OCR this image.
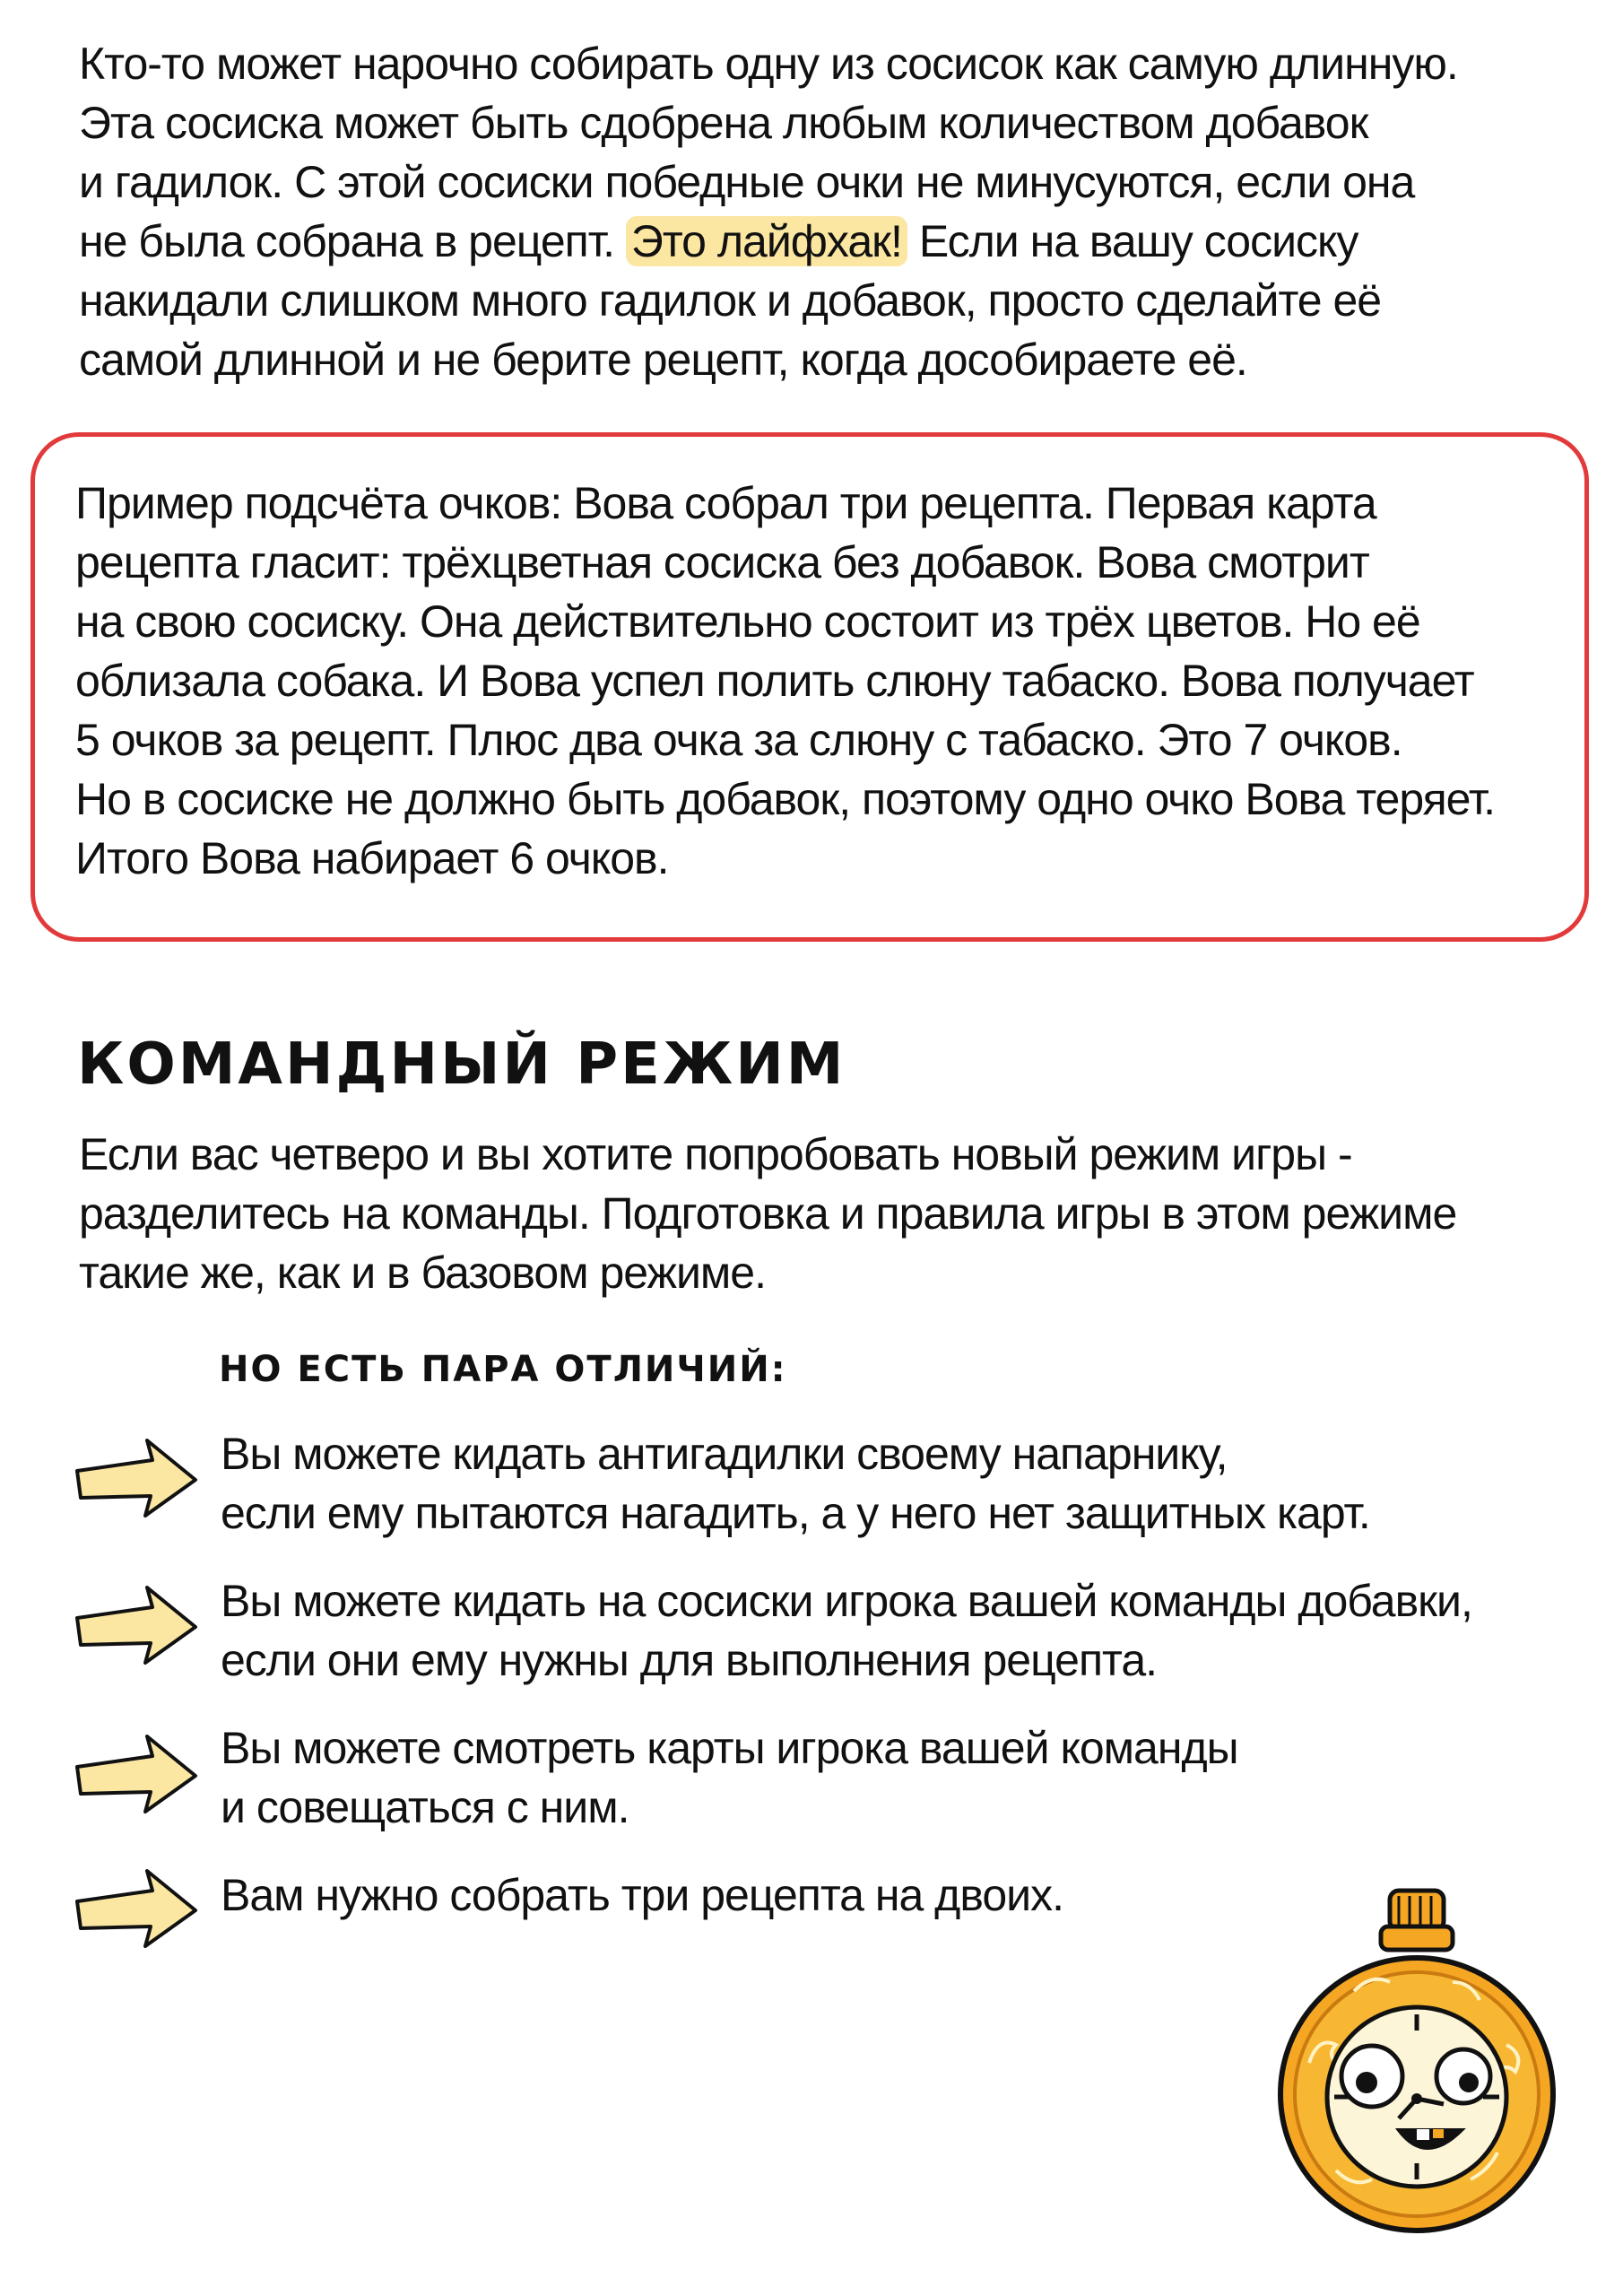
Кто-то может нарочно собирать одну из сосисок как самую длинную.
Эта сосиска может быть сдобрена любым количеством добавок
и гадилок. С этой сосиски победные очки не минусуются, если она
не была собрана в рецепт. Это лайфхак! Если на вашу сосиску
накидали слишком много гадилок и добавок, просто сделайте её
самой длинной и не берите рецепт, когда дособираете её.
Пример подсчёта очков: Вова собрал три рецепта. Первая карта
рецепта гласит: трёхцветная сосиска без добавок. Вова смотрит
на свою сосиску. Она действительно состоит из трёх цветов. Но её
облизала собака. И Вова успел полить слюну табаско. Вова получает
5 очков за рецепт. Плюс два очка за слюну с табаско. Это 7 очков.
Но в сосиске не должно быть добавок, поэтому одно очко Вова теряет.
Итого Вова набирает 6 очков.
КОМАНДНЫЙ РЕЖИМ
Если вас четверо и вы хотите попробовать новый режим игры -
разделитесь на команды. Подготовка и правила игры в этом режиме
такие же, как и в базовом режиме.
НО ЕСТЬ ПАРА ОТЛИЧИЙ:
Вы можете кидать антигадилки своему напарнику,
если ему пытаются нагадить, а у него нет защитных карт.
Вы можете кидать на сосиски игрока вашей команды добавки,
если они ему нужны для выполнения рецепта.
Вы можете смотреть карты игрока вашей команды
и совещаться с ним.
Вам нужно собрать три рецепта на двоих.
